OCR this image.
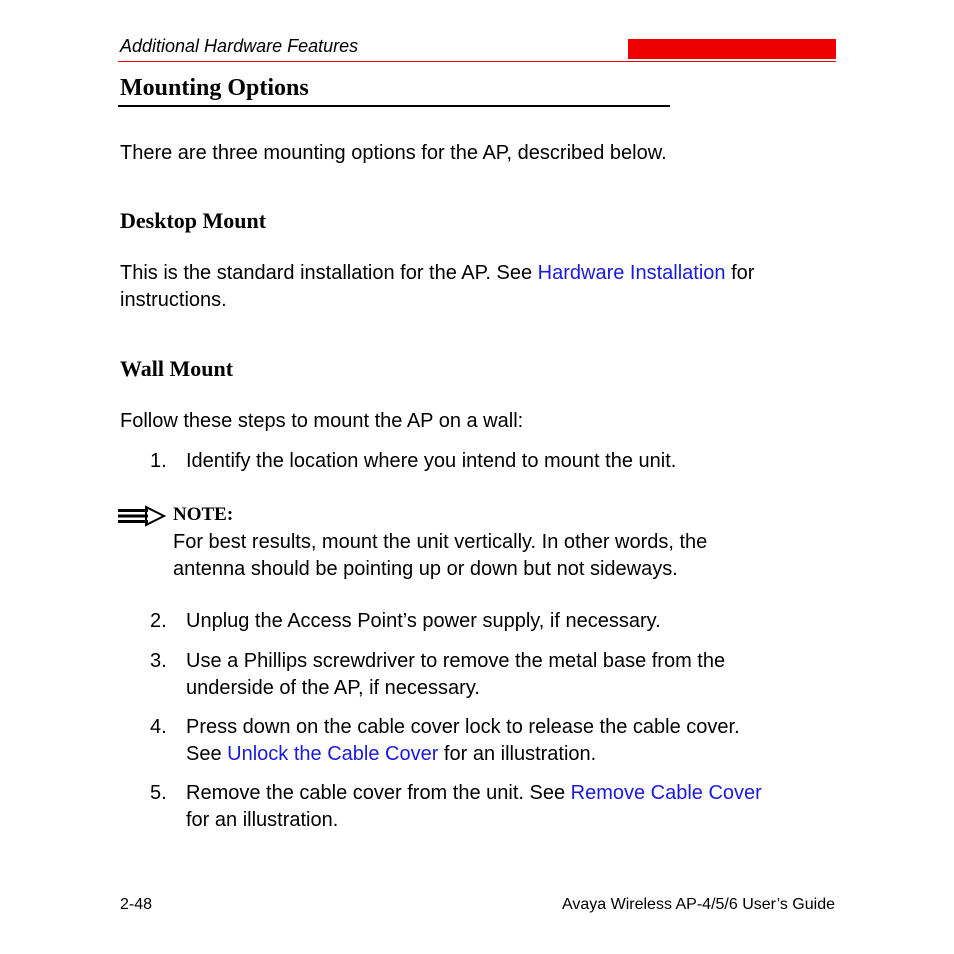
Additional Hardware Features
Mounting Options
There are three mounting options for the AP, described below.
Desktop Mount
This is the standard installation for the AP. See Hardware Installation for
instructions.
Wall Mount
Follow these steps to mount the AP on a wall:
1. Identify the location where you intend to mount the unit.
NOTE:
For best results, mount the unit vertically. In other words, the
antenna should be pointing up or down but not sideways.
2. Unplug the Access Point’s power supply, if necessary.
3. Use a Phillips screwdriver to remove the metal base from the
underside of the AP, if necessary.
4. Press down on the cable cover lock to release the cable cover.
See Unlock the Cable Cover for an illustration.
5. Remove the cable cover from the unit. See Remove Cable Cover
for an illustration.
2-48	Avaya Wireless AP-4/5/6 User’s Guide
